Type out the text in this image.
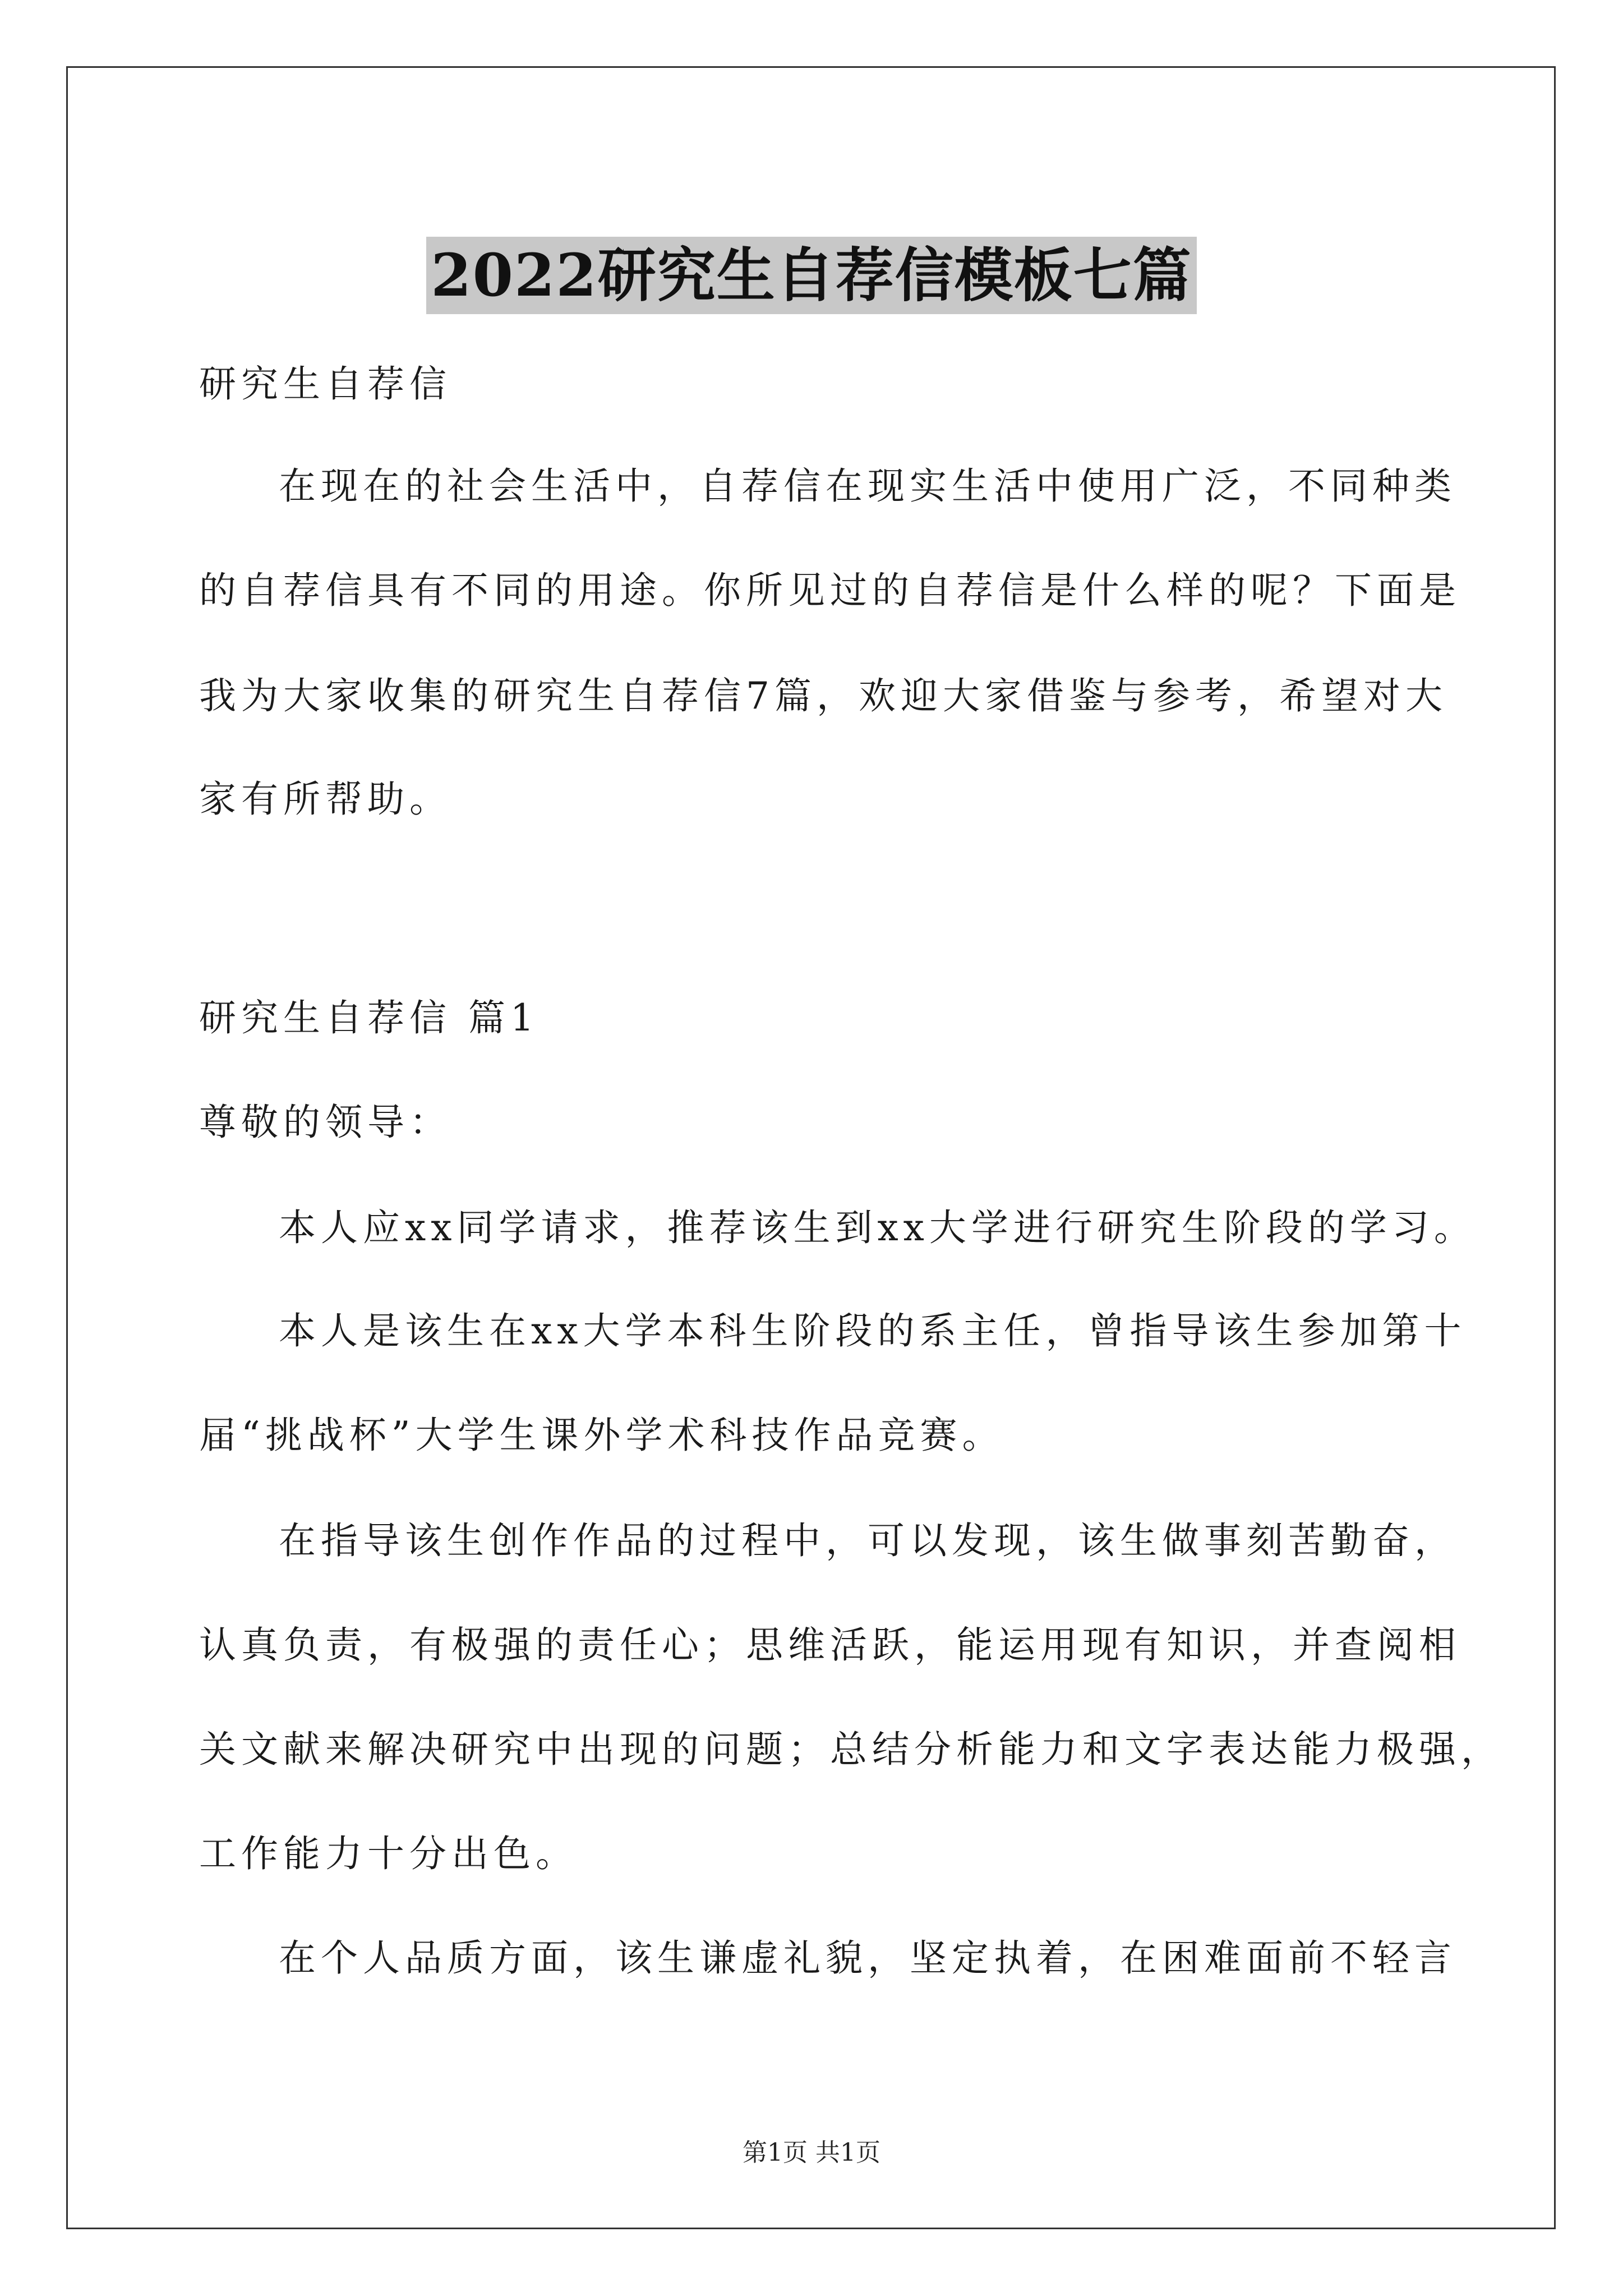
2022研究生自荐信模板七篇

研究生自荐信

在现在的社会生活中，自荐信在现实生活中使用广泛，不同种类

的自荐信具有不同的用途。你所见过的自荐信是什么样的呢？下面是

我为大家收集的研究生自荐信7篇，欢迎大家借鉴与参考，希望对大

家有所帮助。

研究生自荐信 篇1

尊敬的领导：

本人应xx同学请求，推荐该生到xx大学进行研究生阶段的学习。

本人是该生在xx大学本科生阶段的系主任，曾指导该生参加第十

届“挑战杯”大学生课外学术科技作品竞赛。

在指导该生创作作品的过程中，可以发现，该生做事刻苦勤奋，

认真负责，有极强的责任心；思维活跃，能运用现有知识，并查阅相

关文献来解决研究中出现的问题；总结分析能力和文字表达能力极强，

工作能力十分出色。

在个人品质方面，该生谦虚礼貌，坚定执着，在困难面前不轻言

第1页 共1页
